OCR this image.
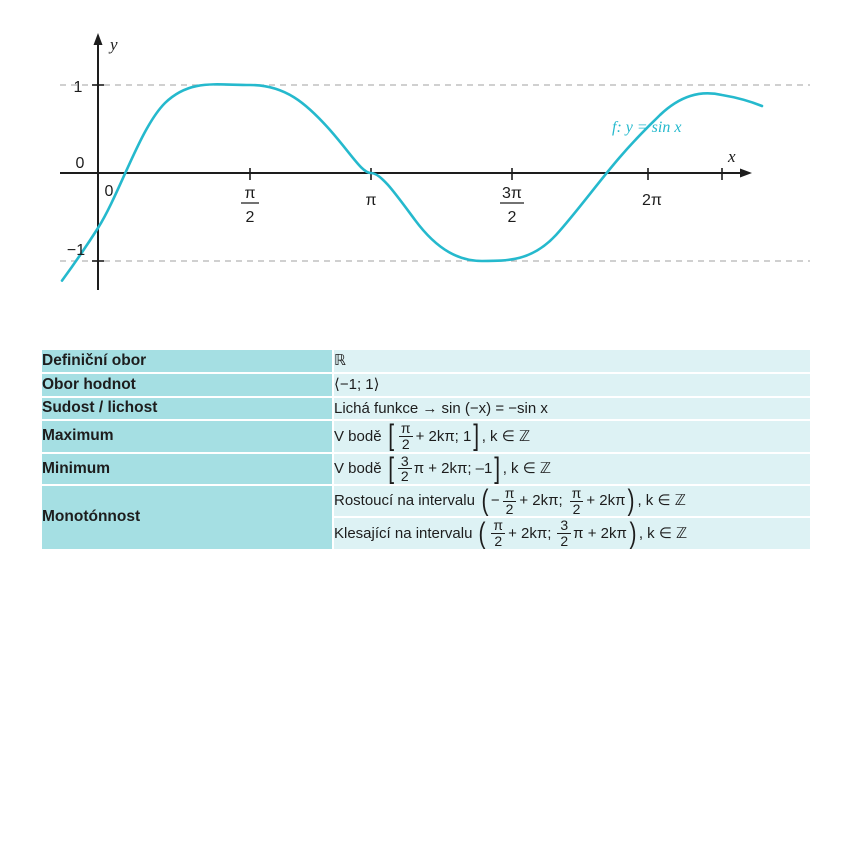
y
x
1
0
−1
0	π
2
π	3π
2
2π
f: y = sin x
Definiční obor	ℝ
Obor hodnot	⟨−1; 1⟩
Sudost / lichost	Lichá funkce → sin (−x) = −sin x
Maximum	V bodě [ $\frac{\pi}{2} + 2k\pi$; 1 ] , k ∈ ℤ

Minimum	V bodě [ $\frac{3}{2}$ π + 2kπ; –1 ] , k ∈ ℤ

Monotónnost	
Rostoucí na intervalu ( − $\frac{\pi}{2} + 2k\pi$; $\frac{\pi}{2} + 2k\pi$ ) , k ∈ ℤ

Klesající na intervalu ( $\frac{\pi}{2} + 2k\pi$; $\frac{3}{2}$ π + 2kπ ) , k ∈ ℤ
